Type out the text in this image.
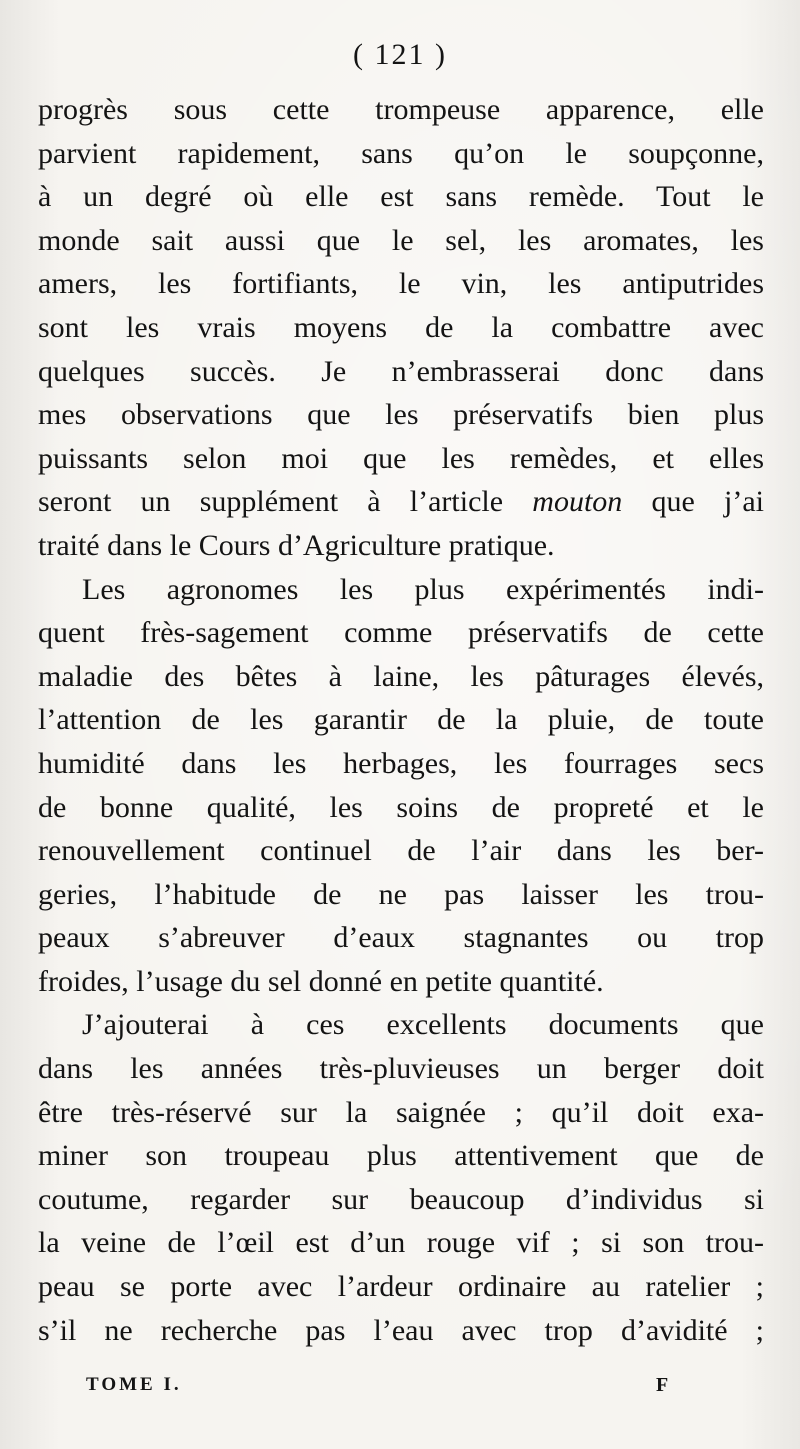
( 121 )
progrès sous cette trompeuse apparence, elle
parvient rapidement, sans qu’on le soupçonne,
à un degré où elle est sans remède. Tout le
monde sait aussi que le sel, les aromates, les
amers, les fortifiants, le vin, les antiputrides
sont les vrais moyens de la combattre avec
quelques succès. Je n’embrasserai donc dans
mes observations que les préservatifs bien plus
puissants selon moi que les remèdes, et elles
seront un supplément à l’article mouton que j’ai
traité dans le Cours d’Agriculture pratique.
Les agronomes les plus expérimentés indi-
quent frès-sagement comme préservatifs de cette
maladie des bêtes à laine, les pâturages élevés,
l’attention de les garantir de la pluie, de toute
humidité dans les herbages, les fourrages secs
de bonne qualité, les soins de propreté et le
renouvellement continuel de l’air dans les ber-
geries, l’habitude de ne pas laisser les trou-
peaux s’abreuver d’eaux stagnantes ou trop
froides, l’usage du sel donné en petite quantité.
J’ajouterai à ces excellents documents que
dans les années très-pluvieuses un berger doit
être très-réservé sur la saignée ; qu’il doit exa-
miner son troupeau plus attentivement que de
coutume, regarder sur beaucoup d’individus si
la veine de l’œil est d’un rouge vif ; si son trou-
peau se porte avec l’ardeur ordinaire au ratelier ;
s’il ne recherche pas l’eau avec trop d’avidité ;
TOME I.	F
